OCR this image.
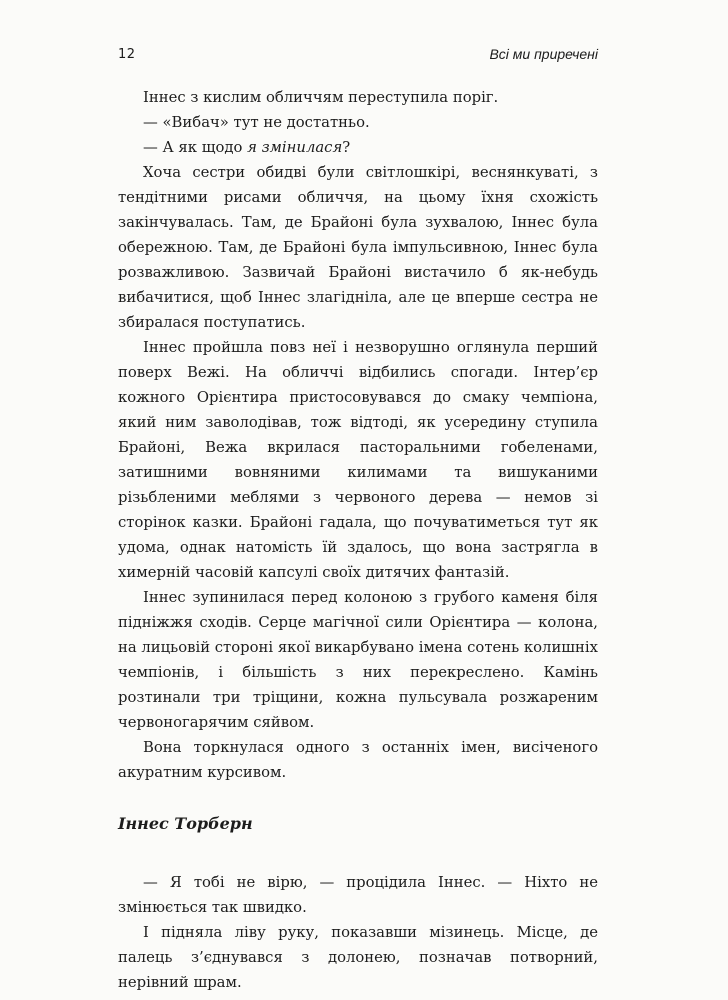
12	Всі ми приречені

Іннес з кислим обличчям переступила поріг.

— «Вибач» тут не достатньо.

— А як щодо я змінилася?

Хоча сестри обидві були світлошкірі, веснянкуваті, з тендітними рисами обличчя, на цьому їхня схожість закінчувалась. Там, де Брайоні була зухвалою, Іннес була обережною. Там, де Брайоні була імпульсивною, Іннес була розважливою. Зазвичай Брайоні вистачило б як-небудь вибачитися, щоб Іннес злагідніла, але це вперше сестра не збиралася поступатись.

Іннес пройшла повз неї і незворушно оглянула перший поверх Вежі. На обличчі відбились спогади. Інтер’єр кожного Орієнтира пристосовувався до смаку чемпіона, який ним заволодівав, тож відтоді, як усередину ступила Брайоні, Вежа вкрилася пасторальними гобеленами, затишними вовняними килимами та вишуканими різьбленими меблями з червоного дерева — немов зі сторінок казки. Брайоні гадала, що почуватиметься тут як удома, однак натомість їй здалось, що вона застрягла в химерній часовій капсулі своїх дитячих фантазій.

Іннес зупинилася перед колоною з грубого каменя біля підніжжя сходів. Серце магічної сили Орієнтира — колона, на лицьовій стороні якої викарбувано імена сотень колишніх чемпіонів, і більшість з них перекреслено. Камінь розтинали три тріщини, кожна пульсувала розжареним червоногарячим сяйвом.

Вона торкнулася одного з останніх імен, висіченого акуратним курсивом.

Іннес Торберн

— Я тобі не вірю, — процідила Іннес. — Ніхто не змінюється так швидко.

І підняла ліву руку, показавши мізинець. Місце, де палець з’єднувався з долонею, позначав потворний, нерівний шрам.
